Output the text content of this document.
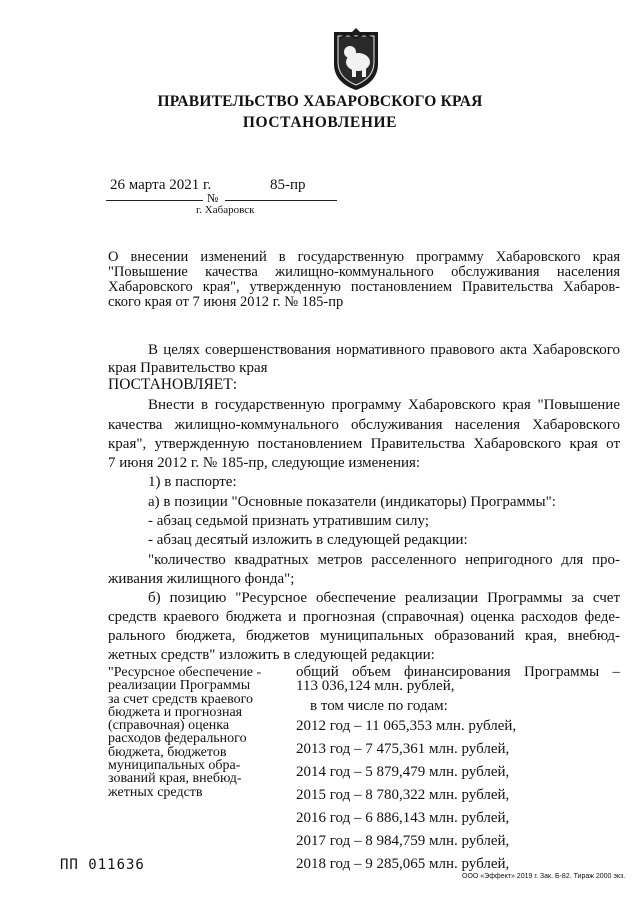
ПРАВИТЕЛЬСТВО ХАБАРОВСКОГО КРАЯ
ПОСТАНОВЛЕНИЕ
26 марта 2021 г.
№
85-пр
г. Хабаровск
О внесении изменений в государственную программу Хабаровского края
"Повышение качества жилищно-коммунального обслуживания населения
Хабаровского края", утвержденную постановлением Правительства Хабаров-
ского края от 7 июня 2012 г. № 185-пр
В целях совершенствования нормативного правового акта Хабаровского
края Правительство края
ПОСТАНОВЛЯЕТ:
Внести в государственную программу Хабаровского края "Повышение
качества жилищно-коммунального обслуживания населения Хабаровского
края", утвержденную постановлением Правительства Хабаровского края от
7 июня 2012 г. № 185-пр, следующие изменения:
1) в паспорте:
а) в позиции "Основные показатели (индикаторы) Программы":
- абзац седьмой признать утратившим силу;
- абзац десятый изложить в следующей редакции:
"количество квадратных метров расселенного непригодного для про-
живания жилищного фонда";
б) позицию "Ресурсное обеспечение реализации Программы за счет
средств краевого бюджета и прогнозная (справочная) оценка расходов феде-
рального бюджета, бюджетов муниципальных образований края, внебюд-
жетных средств" изложить в следующей редакции:
"Ресурсное обеспечение -
реализации Программы
за счет средств краевого
бюджета и прогнозная
(справочная) оценка
расходов федерального
бюджета, бюджетов
муниципальных обра-
зований края, внебюд-
жетных средств
общий объем финансирования Программы –
113 036,124 млн. рублей,
в том числе по годам:
2012 год – 11 065,353 млн. рублей,
2013 год – 7 475,361 млн. рублей,
2014 год – 5 879,479 млн. рублей,
2015 год – 8 780,322 млн. рублей,
2016 год – 6 886,143 млн. рублей,
2017 год – 8 984,759 млн. рублей,
2018 год – 9 285,065 млн. рублей,
ПП 011636
ООО «Эффект» 2019 г. Зак. Б-82. Тираж 2000 экз.
